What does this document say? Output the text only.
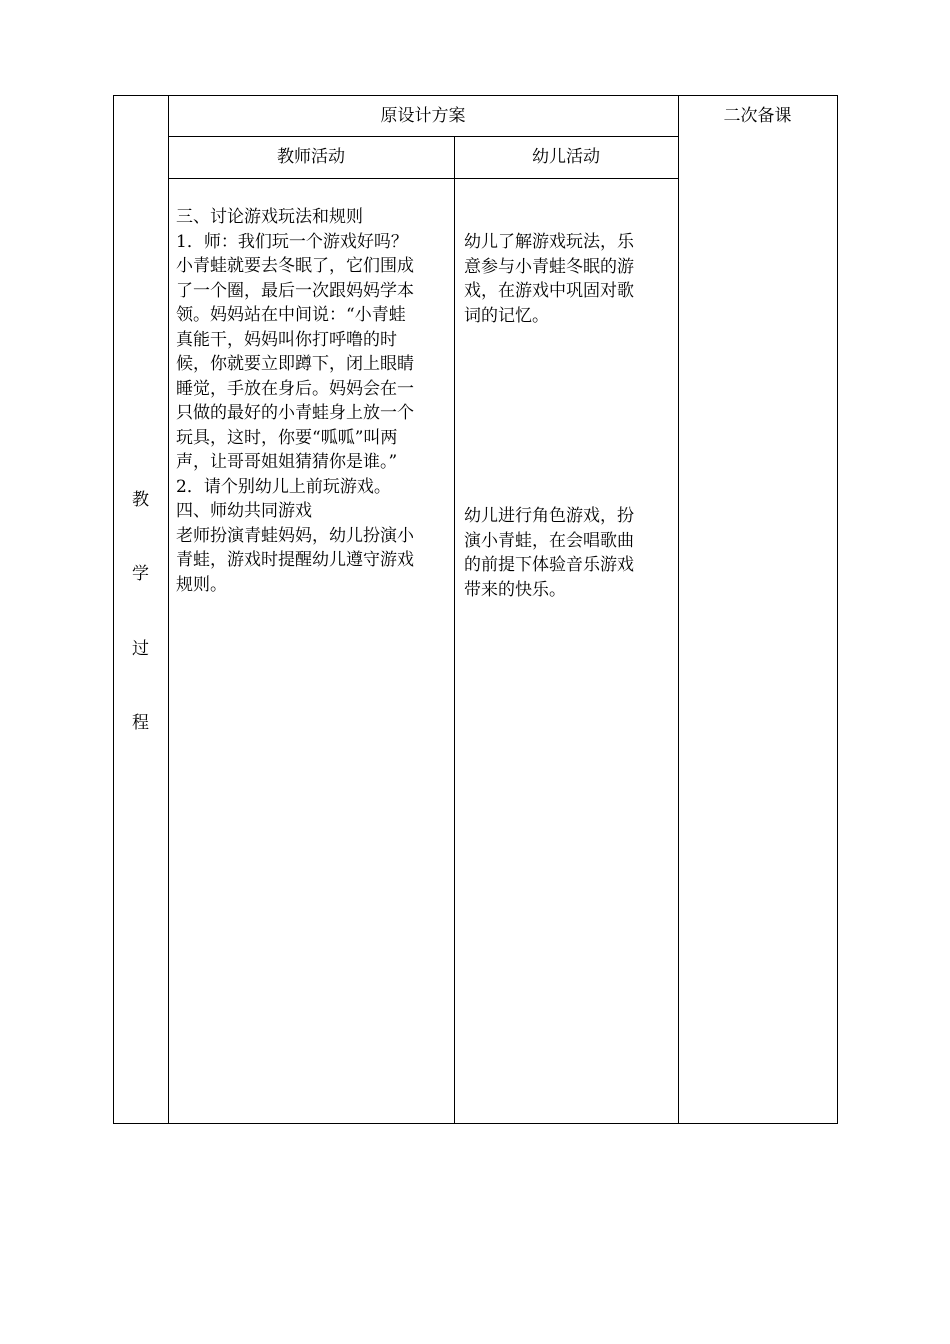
原设计方案	二次备课
教师活动	幼儿活动
教
学
过
程

三、讨论游戏玩法和规则

1．师：我们玩一个游戏好吗？

小青蛙就要去冬眠了，它们围成

了一个圈，最后一次跟妈妈学本

领。妈妈站在中间说：“小青蛙

真能干，妈妈叫你打呼噜的时

候，你就要立即蹲下，闭上眼睛

睡觉，手放在身后。妈妈会在一

只做的最好的小青蛙身上放一个

玩具，这时，你要“呱呱”叫两

声，让哥哥姐姐猜猜你是谁。”

2．请个别幼儿上前玩游戏。

四、师幼共同游戏

老师扮演青蛙妈妈，幼儿扮演小

青蛙，游戏时提醒幼儿遵守游戏

规则。

幼儿了解游戏玩法，乐

意参与小青蛙冬眠的游

戏，在游戏中巩固对歌

词的记忆。

幼儿进行角色游戏，扮

演小青蛙，在会唱歌曲

的前提下体验音乐游戏

带来的快乐。
